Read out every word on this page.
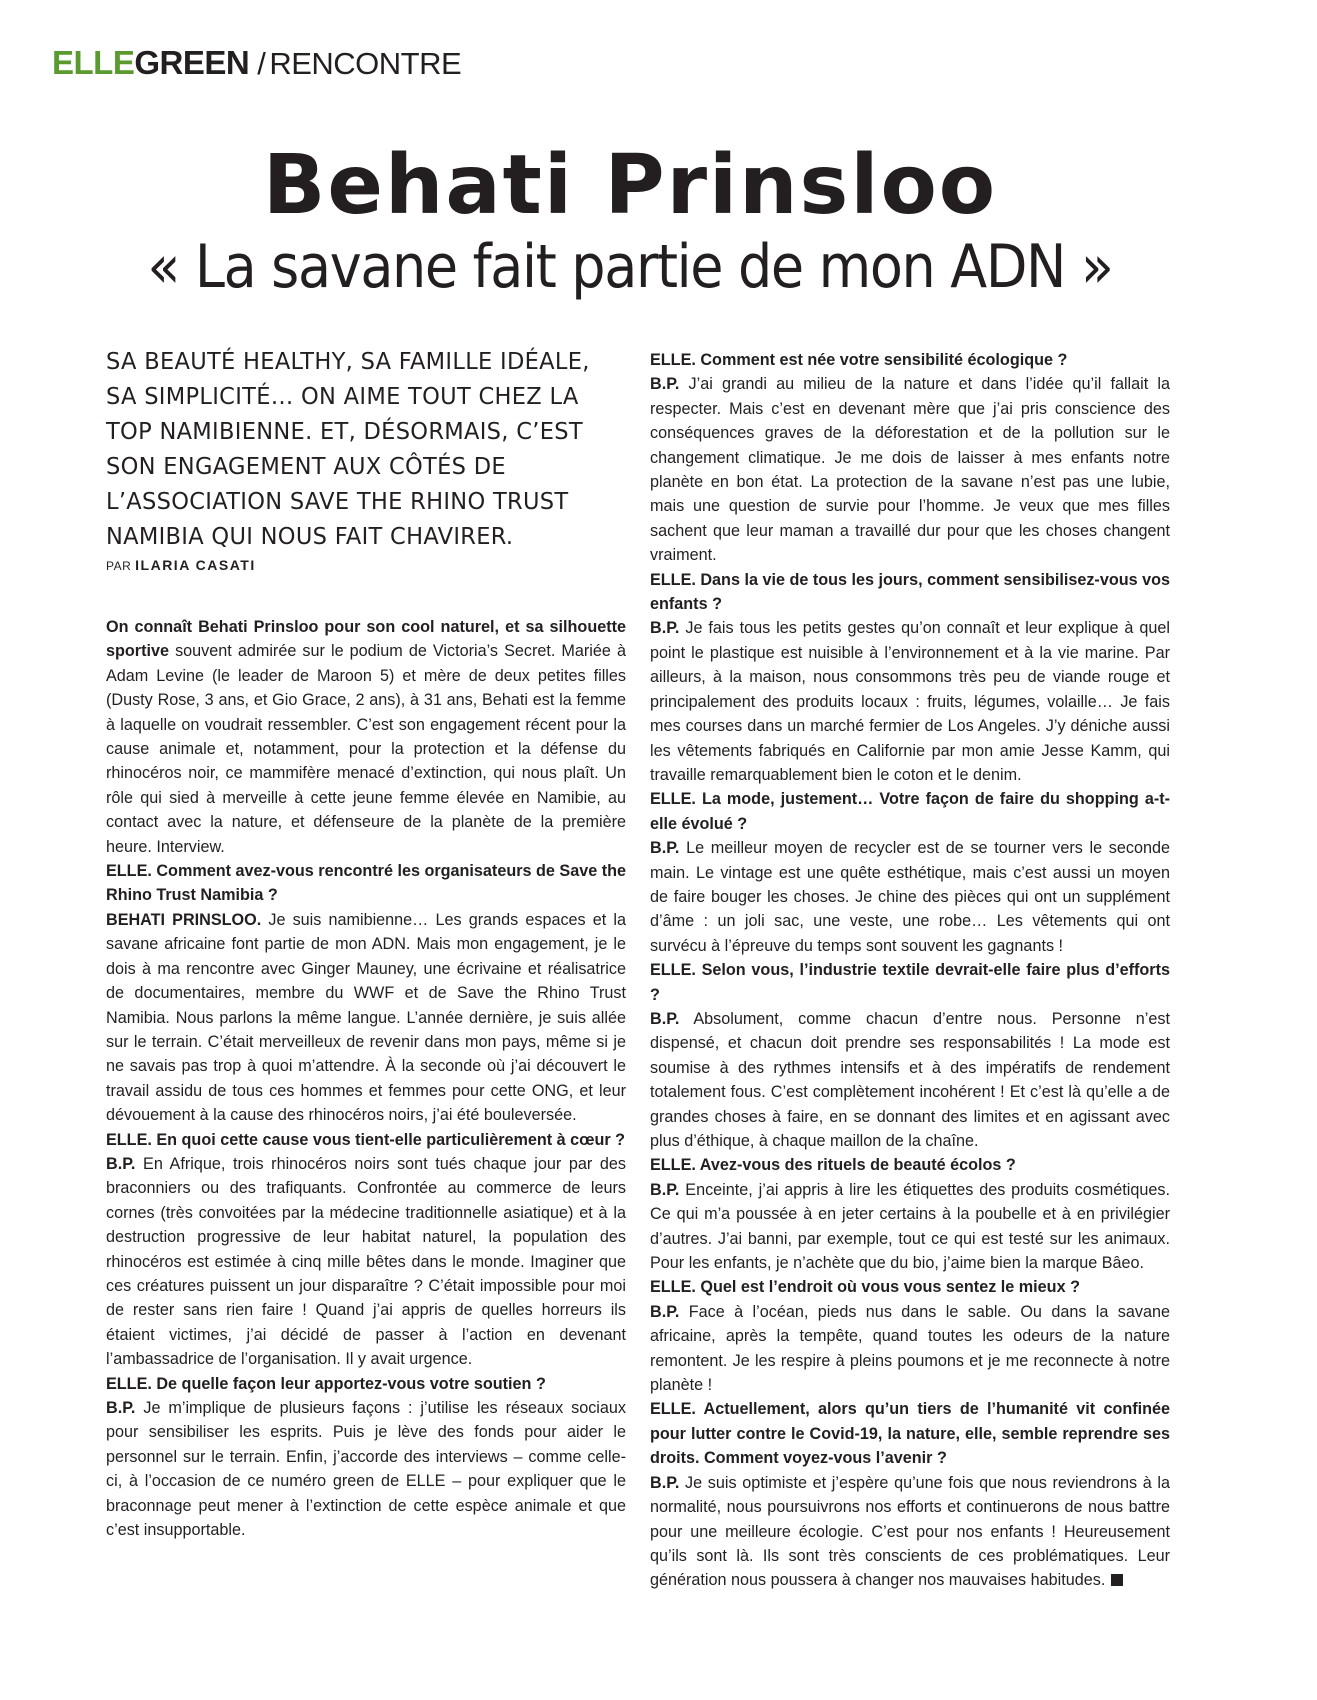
ELLEGREEN / RENCONTRE
Behati Prinsloo
« La savane fait partie de mon ADN »

SA BEAUTÉ HEALTHY, SA FAMILLE IDÉALE, SA SIMPLICITÉ… ON AIME TOUT CHEZ LA TOP NAMIBIENNE. ET, DÉSORMAIS, C’EST SON ENGAGEMENT AUX CÔTÉS DE L’ASSOCIATION SAVE THE RHINO TRUST NAMIBIA QUI NOUS FAIT CHAVIRER.

PAR ILARIA CASATI

On connaît Behati Prinsloo pour son cool naturel, et sa silhouette sportive souvent admirée sur le podium de Victoria’s Secret. Mariée à Adam Levine (le leader de Maroon 5) et mère de deux petites filles (Dusty Rose, 3 ans, et Gio Grace, 2 ans), à 31 ans, Behati est la femme à laquelle on voudrait ressembler. C’est son engagement récent pour la cause animale et, notamment, pour la protection et la défense du rhinocéros noir, ce mammifère menacé d’extinction, qui nous plaît. Un rôle qui sied à merveille à cette jeune femme élevée en Namibie, au contact avec la nature, et défenseure de la planète de la première heure. Interview.

ELLE. Comment avez-vous rencontré les organisateurs de Save the Rhino Trust Namibia ?

BEHATI PRINSLOO. Je suis namibienne… Les grands espaces et la savane africaine font partie de mon ADN. Mais mon engagement, je le dois à ma rencontre avec Ginger Mauney, une écrivaine et réalisatrice de documentaires, membre du WWF et de Save the Rhino Trust Namibia. Nous parlons la même langue. L’année dernière, je suis allée sur le terrain. C’était merveilleux de revenir dans mon pays, même si je ne savais pas trop à quoi m’attendre. À la seconde où j’ai découvert le travail assidu de tous ces hommes et femmes pour cette ONG, et leur dévouement à la cause des rhinocéros noirs, j’ai été bouleversée.

ELLE. En quoi cette cause vous tient-elle particulièrement à cœur ?

B.P. En Afrique, trois rhinocéros noirs sont tués chaque jour par des braconniers ou des trafiquants. Confrontée au commerce de leurs cornes (très convoitées par la médecine traditionnelle asiatique) et à la destruction progressive de leur habitat naturel, la population des rhinocéros est estimée à cinq mille bêtes dans le monde. Imaginer que ces créatures puissent un jour disparaître ? C’était impossible pour moi de rester sans rien faire ! Quand j’ai appris de quelles horreurs ils étaient victimes, j’ai décidé de passer à l’action en devenant l’ambassadrice de l’organisation. Il y avait urgence.

ELLE. De quelle façon leur apportez-vous votre soutien ?

B.P. Je m’implique de plusieurs façons : j’utilise les réseaux sociaux pour sensibiliser les esprits. Puis je lève des fonds pour aider le personnel sur le terrain. Enfin, j’accorde des interviews – comme celle-ci, à l’occasion de ce numéro green de ELLE – pour expliquer que le braconnage peut mener à l’extinction de cette espèce animale et que c’est insupportable.

ELLE. Comment est née votre sensibilité écologique ?

B.P. J’ai grandi au milieu de la nature et dans l’idée qu’il fallait la respecter. Mais c’est en devenant mère que j’ai pris conscience des conséquences graves de la déforestation et de la pollution sur le changement climatique. Je me dois de laisser à mes enfants notre planète en bon état. La protection de la savane n’est pas une lubie, mais une question de survie pour l’homme. Je veux que mes filles sachent que leur maman a travaillé dur pour que les choses changent vraiment.

ELLE. Dans la vie de tous les jours, comment sensibilisez-vous vos enfants ?

B.P. Je fais tous les petits gestes qu’on connaît et leur explique à quel point le plastique est nuisible à l’environnement et à la vie marine. Par ailleurs, à la maison, nous consommons très peu de viande rouge et principalement des produits locaux : fruits, légumes, volaille… Je fais mes courses dans un marché fermier de Los Angeles. J’y déniche aussi les vêtements fabriqués en Californie par mon amie Jesse Kamm, qui travaille remarquablement bien le coton et le denim.

ELLE. La mode, justement… Votre façon de faire du shopping a-t-elle évolué ?

B.P. Le meilleur moyen de recycler est de se tourner vers le seconde main. Le vintage est une quête esthétique, mais c’est aussi un moyen de faire bouger les choses. Je chine des pièces qui ont un supplément d’âme : un joli sac, une veste, une robe… Les vêtements qui ont survécu à l’épreuve du temps sont souvent les gagnants !

ELLE. Selon vous, l’industrie textile devrait-elle faire plus d’efforts ?

B.P. Absolument, comme chacun d’entre nous. Personne n’est dispensé, et chacun doit prendre ses responsabilités ! La mode est soumise à des rythmes intensifs et à des impératifs de rendement totalement fous. C’est complètement incohérent ! Et c’est là qu’elle a de grandes choses à faire, en se donnant des limites et en agissant avec plus d’éthique, à chaque maillon de la chaîne.

ELLE. Avez-vous des rituels de beauté écolos ?

B.P. Enceinte, j’ai appris à lire les étiquettes des produits cosmétiques. Ce qui m’a poussée à en jeter certains à la poubelle et à en privilégier d’autres. J’ai banni, par exemple, tout ce qui est testé sur les animaux. Pour les enfants, je n’achète que du bio, j’aime bien la marque Bâeo.

ELLE. Quel est l’endroit où vous vous sentez le mieux ?

B.P. Face à l’océan, pieds nus dans le sable. Ou dans la savane africaine, après la tempête, quand toutes les odeurs de la nature remontent. Je les respire à pleins poumons et je me reconnecte à notre planète !

ELLE. Actuellement, alors qu’un tiers de l’humanité vit confinée pour lutter contre le Covid-19, la nature, elle, semble reprendre ses droits. Comment voyez-vous l’avenir ?

B.P. Je suis optimiste et j’espère qu’une fois que nous reviendrons à la normalité, nous poursuivrons nos efforts et continuerons de nous battre pour une meilleure écologie. C’est pour nos enfants ! Heureusement qu’ils sont là. Ils sont très conscients de ces problématiques. Leur génération nous poussera à changer nos mauvaises habitudes.
